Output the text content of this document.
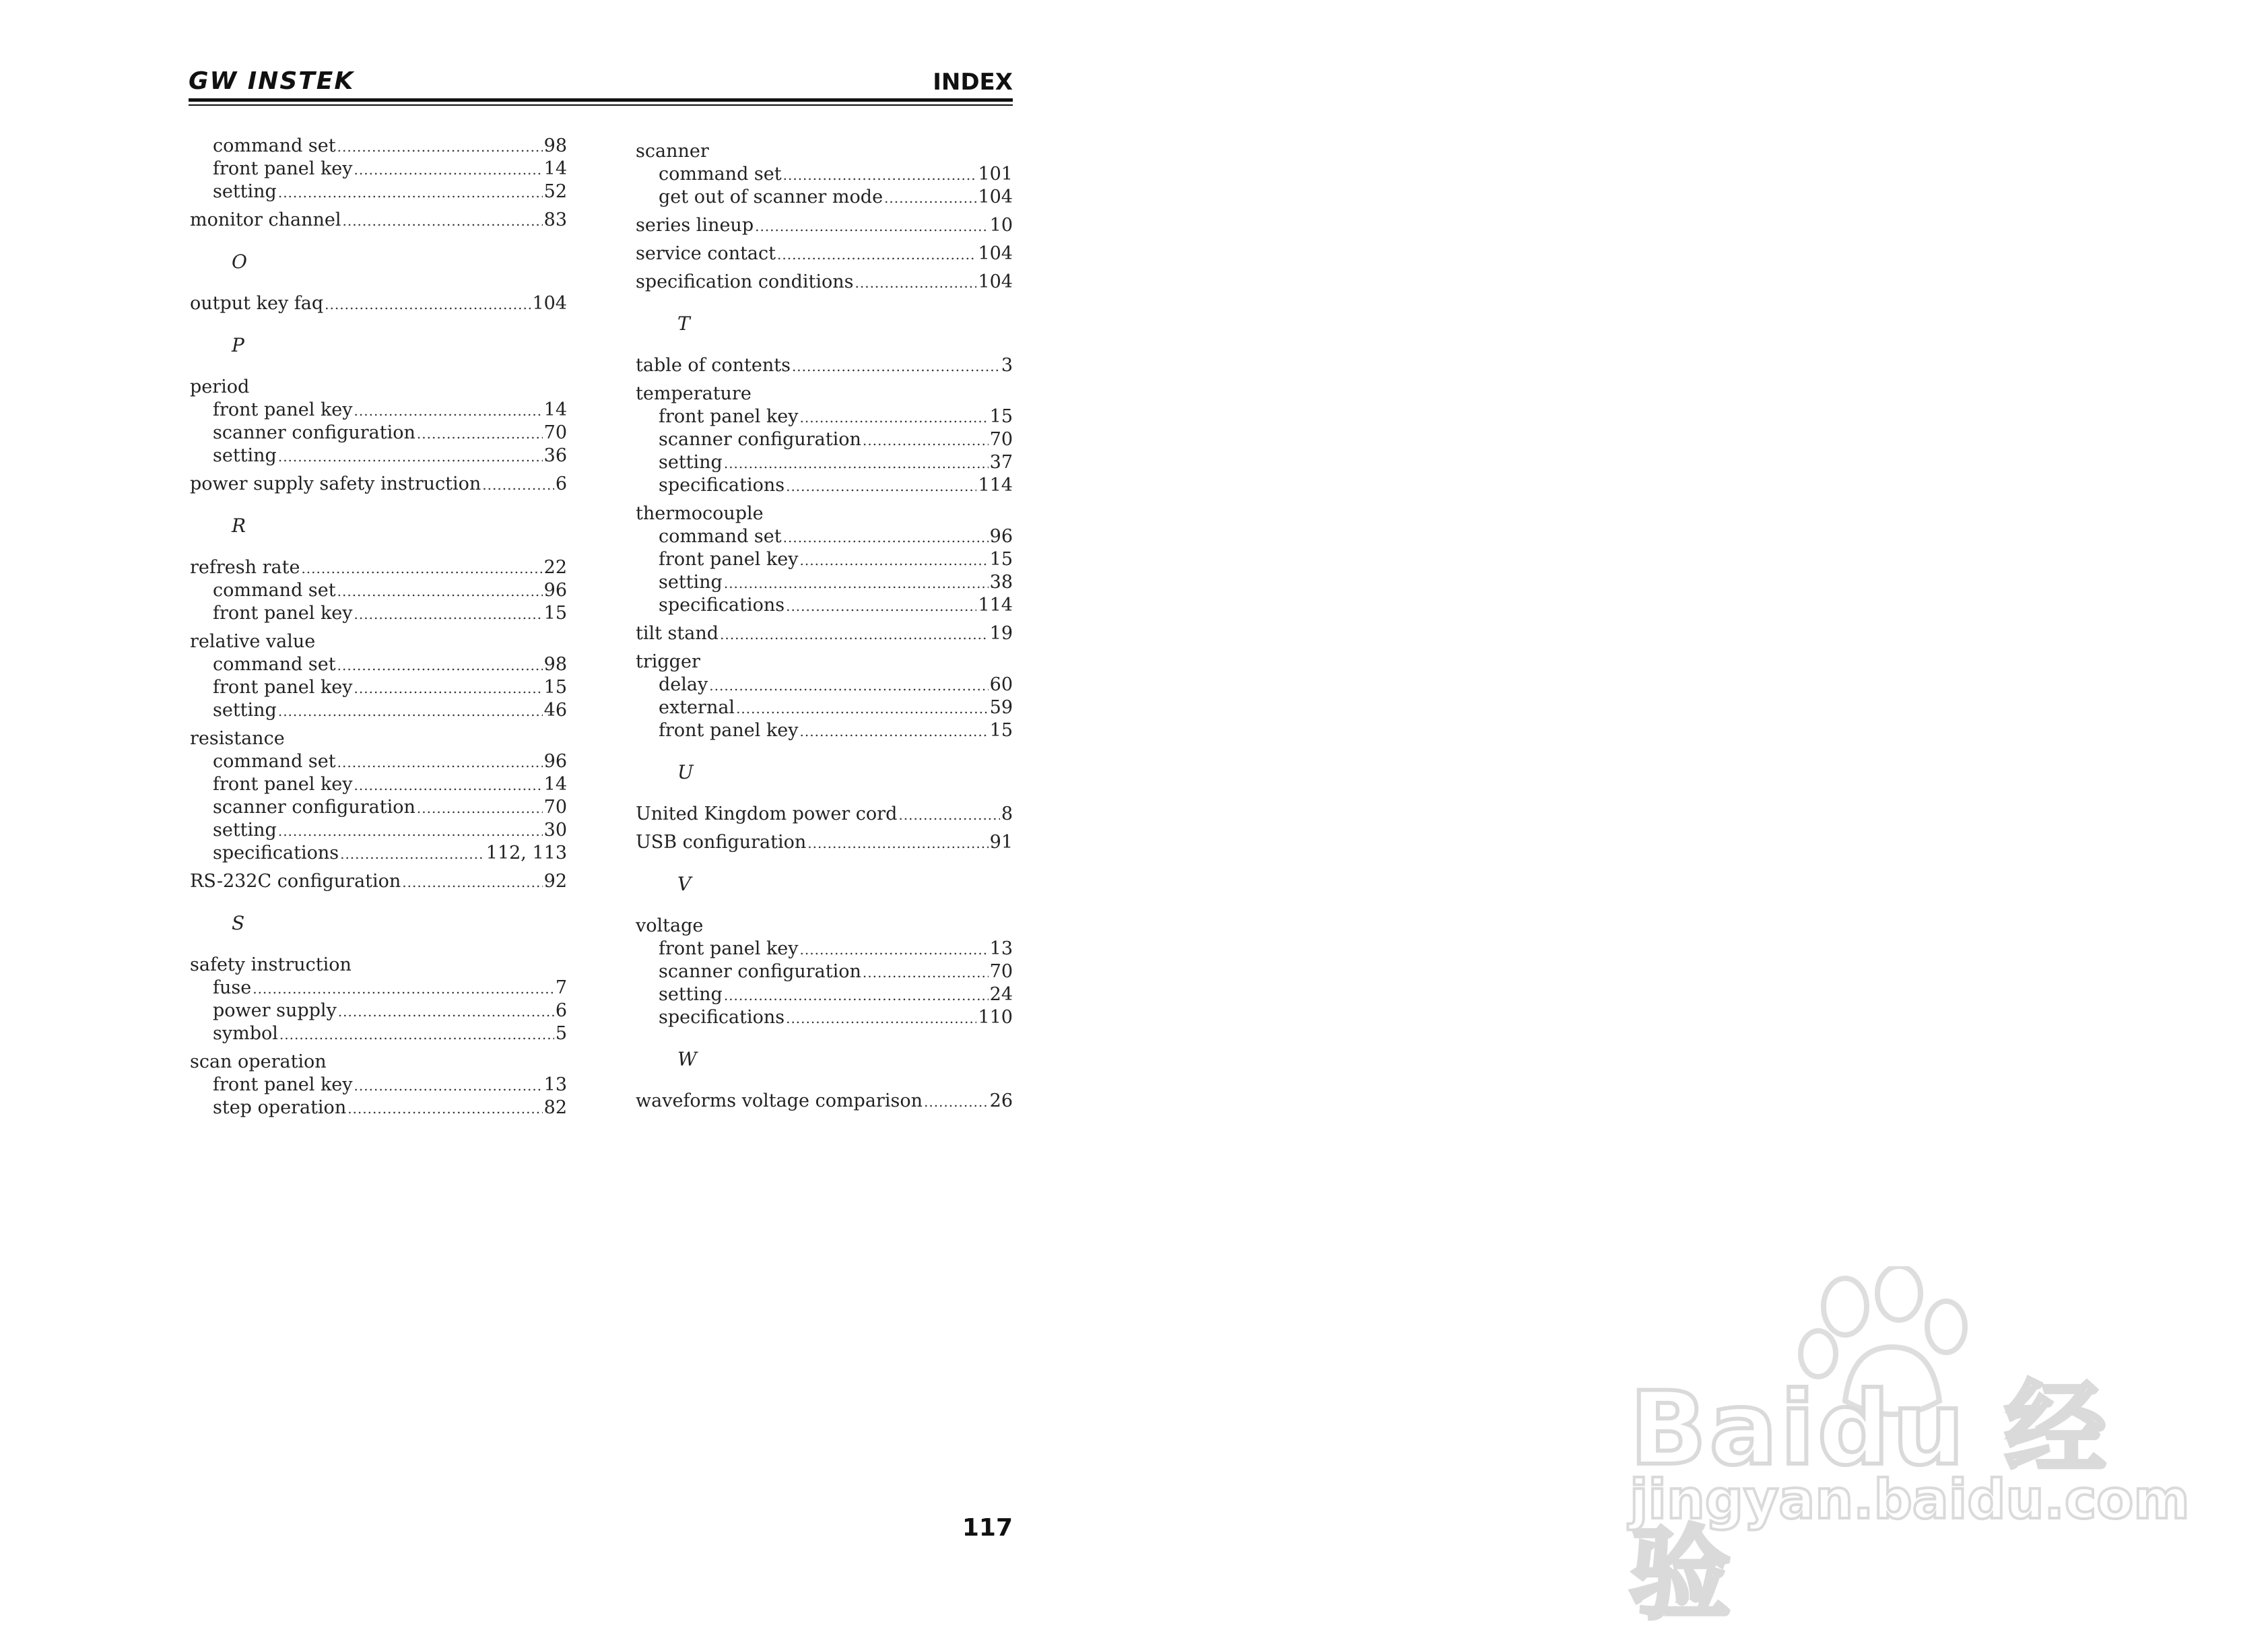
GW INSTEK	INDEX
command set .....	98
front panel key .....	14
setting .....	52
monitor channel .....	83
O
output key faq .....	104
P
period
front panel key .....	14
scanner configuration .....	70
setting .....	36
power supply safety instruction .....	6
R
refresh rate .....	22
command set .....	96
front panel key .....	15
relative value
command set .....	98
front panel key .....	15
setting .....	46
resistance
command set .....	96
front panel key .....	14
scanner configuration .....	70
setting .....	30
specifications .....	112, 113
RS-232C configuration .....	92
S
safety instruction
fuse .....	7
power supply .....	6
symbol .....	5
scan operation
front panel key .....	13
step operation .....	82
scanner
command set .....	101
get out of scanner mode .....	104
series lineup .....	10
service contact .....	104
specification conditions .....	104
T
table of contents .....	3
temperature
front panel key .....	15
scanner configuration .....	70
setting .....	37
specifications .....	114
thermocouple
command set .....	96
front panel key .....	15
setting .....	38
specifications .....	114
tilt stand .....	19
trigger
delay .....	60
external .....	59
front panel key .....	15
U
United Kingdom power cord .....	8
USB configuration .....	91
V
voltage
front panel key .....	13
scanner configuration .....	70
setting .....	24
specifications .....	110
W
waveforms voltage comparison .....	26
117
Baidu 经验
jingyan.baidu.com
